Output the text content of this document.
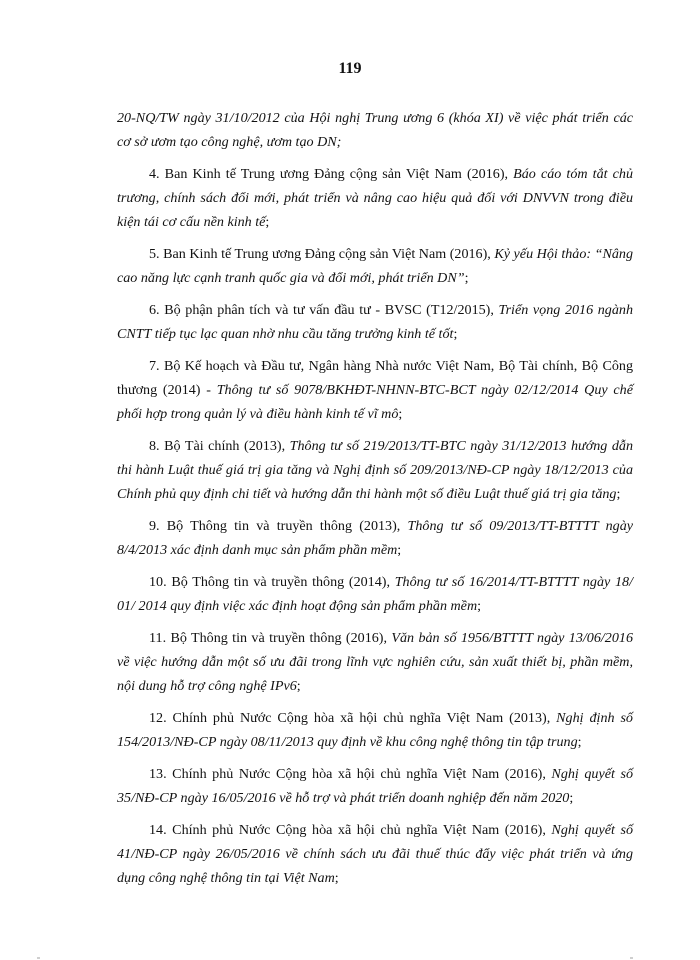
119

20-NQ/TW ngày 31/10/2012 của Hội nghị Trung ương 6 (khóa XI) về việc phát triển các cơ sở ươm tạo công nghệ, ươm tạo DN;

4. Ban Kinh tế Trung ương Đảng cộng sản Việt Nam (2016), Báo cáo tóm tắt chủ trương, chính sách đổi mới, phát triển và nâng cao hiệu quả đối với DNVVN trong điều kiện tái cơ cấu nền kinh tế;

5. Ban Kinh tế Trung ương Đảng cộng sản Việt Nam (2016), Kỷ yếu Hội thảo: “Nâng cao năng lực cạnh tranh quốc gia và đổi mới, phát triển DN”;

6. Bộ phận phân tích và tư vấn đầu tư - BVSC (T12/2015), Triển vọng 2016 ngành CNTT tiếp tục lạc quan nhờ nhu cầu tăng trưởng kinh tế tốt;

7. Bộ Kế hoạch và Đầu tư, Ngân hàng Nhà nước Việt Nam, Bộ Tài chính, Bộ Công thương (2014) - Thông tư số 9078/BKHĐT-NHNN-BTC-BCT ngày 02/12/2014 Quy chế phối hợp trong quản lý và điều hành kinh tế vĩ mô;

8. Bộ Tài chính (2013), Thông tư số 219/2013/TT-BTC ngày 31/12/2013 hướng dẫn thi hành Luật thuế giá trị gia tăng và Nghị định số 209/2013/NĐ-CP ngày 18/12/2013 của Chính phủ quy định chi tiết và hướng dẫn thi hành một số điều Luật thuế giá trị gia tăng;

9. Bộ Thông tin và truyền thông (2013), Thông tư số 09/2013/TT-BTTTT ngày 8/4/2013 xác định danh mục sản phẩm phần mềm;

10. Bộ Thông tin và truyền thông (2014), Thông tư số 16/2014/TT-BTTTT ngày 18/ 01/ 2014 quy định việc xác định hoạt động sản phẩm phần mềm;

11. Bộ Thông tin và truyền thông (2016), Văn bản số 1956/BTTTT ngày 13/06/2016 về việc hướng dẫn một số ưu đãi trong lĩnh vực nghiên cứu, sản xuất thiết bị, phần mềm, nội dung hỗ trợ công nghệ IPv6;

12. Chính phủ Nước Cộng hòa xã hội chủ nghĩa Việt Nam (2013), Nghị định số 154/2013/NĐ-CP ngày 08/11/2013 quy định về khu công nghệ thông tin tập trung;

13. Chính phủ Nước Cộng hòa xã hội chủ nghĩa Việt Nam (2016), Nghị quyết số 35/NĐ-CP ngày 16/05/2016 về hỗ trợ và phát triển doanh nghiệp đến năm 2020;

14. Chính phủ Nước Cộng hòa xã hội chủ nghĩa Việt Nam (2016), Nghị quyết số 41/NĐ-CP ngày 26/05/2016 về chính sách ưu đãi thuế thúc đẩy việc phát triển và ứng dụng công nghệ thông tin tại Việt Nam;
